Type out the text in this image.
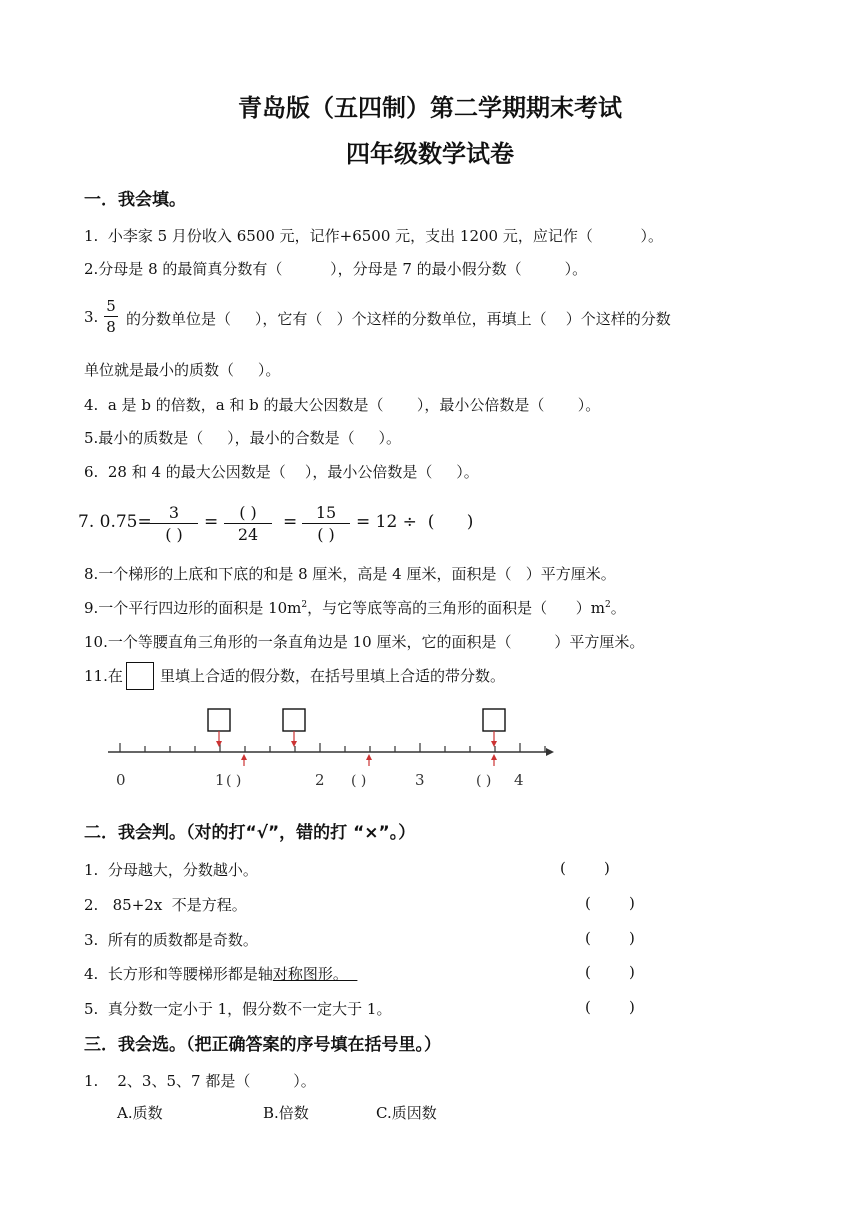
青岛版（五四制）第二学期期末考试
四年级数学试卷
一．我会填。
1.  小李家 5 月份收入 6500 元，记作+6500 元，支出 1200 元，应记作（          ）。
2.分母是 8 的最简真分数有（          ），分母是 7 的最小假分数（         ）。
3.
5
8 的分数单位是（     ），它有（   ）个这样的分数单位，再填上（    ）个这样的分数
单位就是最小的质数（     ）。
4.  a 是 b 的倍数，a 和 b 的最大公因数是（       ），最小公倍数是（       ）。
5.最小的质数是（     ），最小的合数是（     ）。
6.  28 和 4 的最大公因数是（    ），最小公倍数是（     ）。
7. 0.75=	3
( )
=	( )
24
=	15
( )
= 12 ÷  (      )
8.一个梯形的上底和下底的和是 8 厘米，高是 4 厘米，面积是（   ）平方厘米。
9.一个平行四边形的面积是 $10m^2$，与它等底等高的三角形的面积是（      ）$m^2$。
10.一个等腰直角三角形的一条直角边是 10 厘米，它的面积是（         ）平方厘米。
11.在 里填上合适的假分数，在括号里填上合适的带分数。
0	1	2	3	4
( )	( )	( )
二．我会判。（对的打“√”，错的打 “×”。）
1.  分母越大，分数越小。	(        )
2.   85+2x  不是方程。	(        )
3.  所有的质数都是奇数。	(        )
4.  长方形和等腰梯形都是轴对称图形。	(        )
5.  真分数一定小于 1，假分数不一定大于 1。	(        )
三．我会选。（把正确答案的序号填在括号里。）
1.    2、3、5、7 都是（         ）。
A.质数	B.倍数	C.质因数
